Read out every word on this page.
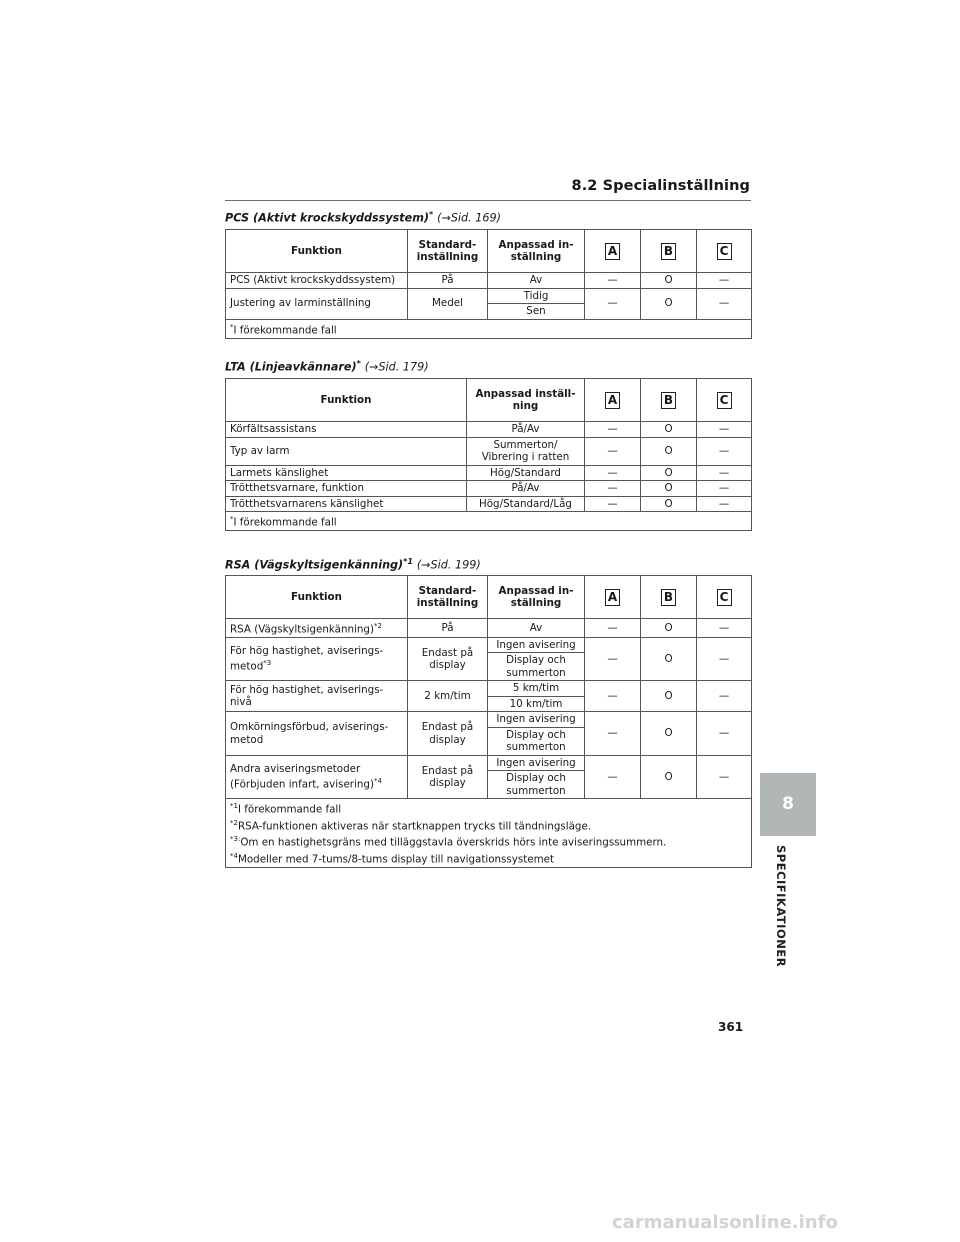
8.2 Specialinställning
PCS (Aktivt krockskyddssystem)* (→Sid. 169)
Funktion	Standard-inställning	Anpassad in-ställning	A	B	C
PCS (Aktivt krockskyddssystem)	På	Av	—	O	—
Justering av larminställning	Medel	Tidig	—	O	—
		Sen			
*I förekommande fall					
LTA (Linjeavkännare)* (→Sid. 179)
Funktion	Anpassad inställ-ning	A	B	C
Körfältsassistans	På/Av	—	O	—
Typ av larm	Summerton/ Vibrering i ratten	—	O	—
Larmets känslighet	Hög/Standard	—	O	—
Trötthetsvarnare, funktion	På/Av	—	O	—
Trötthetsvarnarens känslighet	Hög/Standard/Låg	—	O	—
*I förekommande fall				
RSA (Vägskyltsigenkänning)$^{*1}$ (→Sid. 199)
Funktion	Standard-inställning	Anpassad in-ställning	A	B	C
RSA (Vägskyltsigenkänning)$^{*2}$	På	Av	—	O	—
För hög hastighet, aviserings-metod$^{*3}$	Endast på display	Ingen avisering	—	O	—
		Display och summerton			
För hög hastighet, aviserings-nivå	2 km/tim	5 km/tim	—	O	—
		10 km/tim			
Omkörningsförbud, aviserings-metod	Endast på display	Ingen avisering	—	O	—
		Display och summerton			
Andra aviseringsmetoder (Förbjuden infart, avisering)$^{*4}$	Endast på display	Ingen avisering	—	O	—
		Display och summerton			

$^{*1}$I förekommande fall
$^{*2}$RSA-funktionen aktiveras när startknappen trycks till tändningsläge.
$^{*3:}$Om en hastighetsgräns med tilläggstavla överskrids hörs inte aviseringssummern.
$^{*4}$Modeller med 7-tums/8-tums display till navigationssystemet					
8
SPECIFIKATIONER
361
carmanualsonline.info
